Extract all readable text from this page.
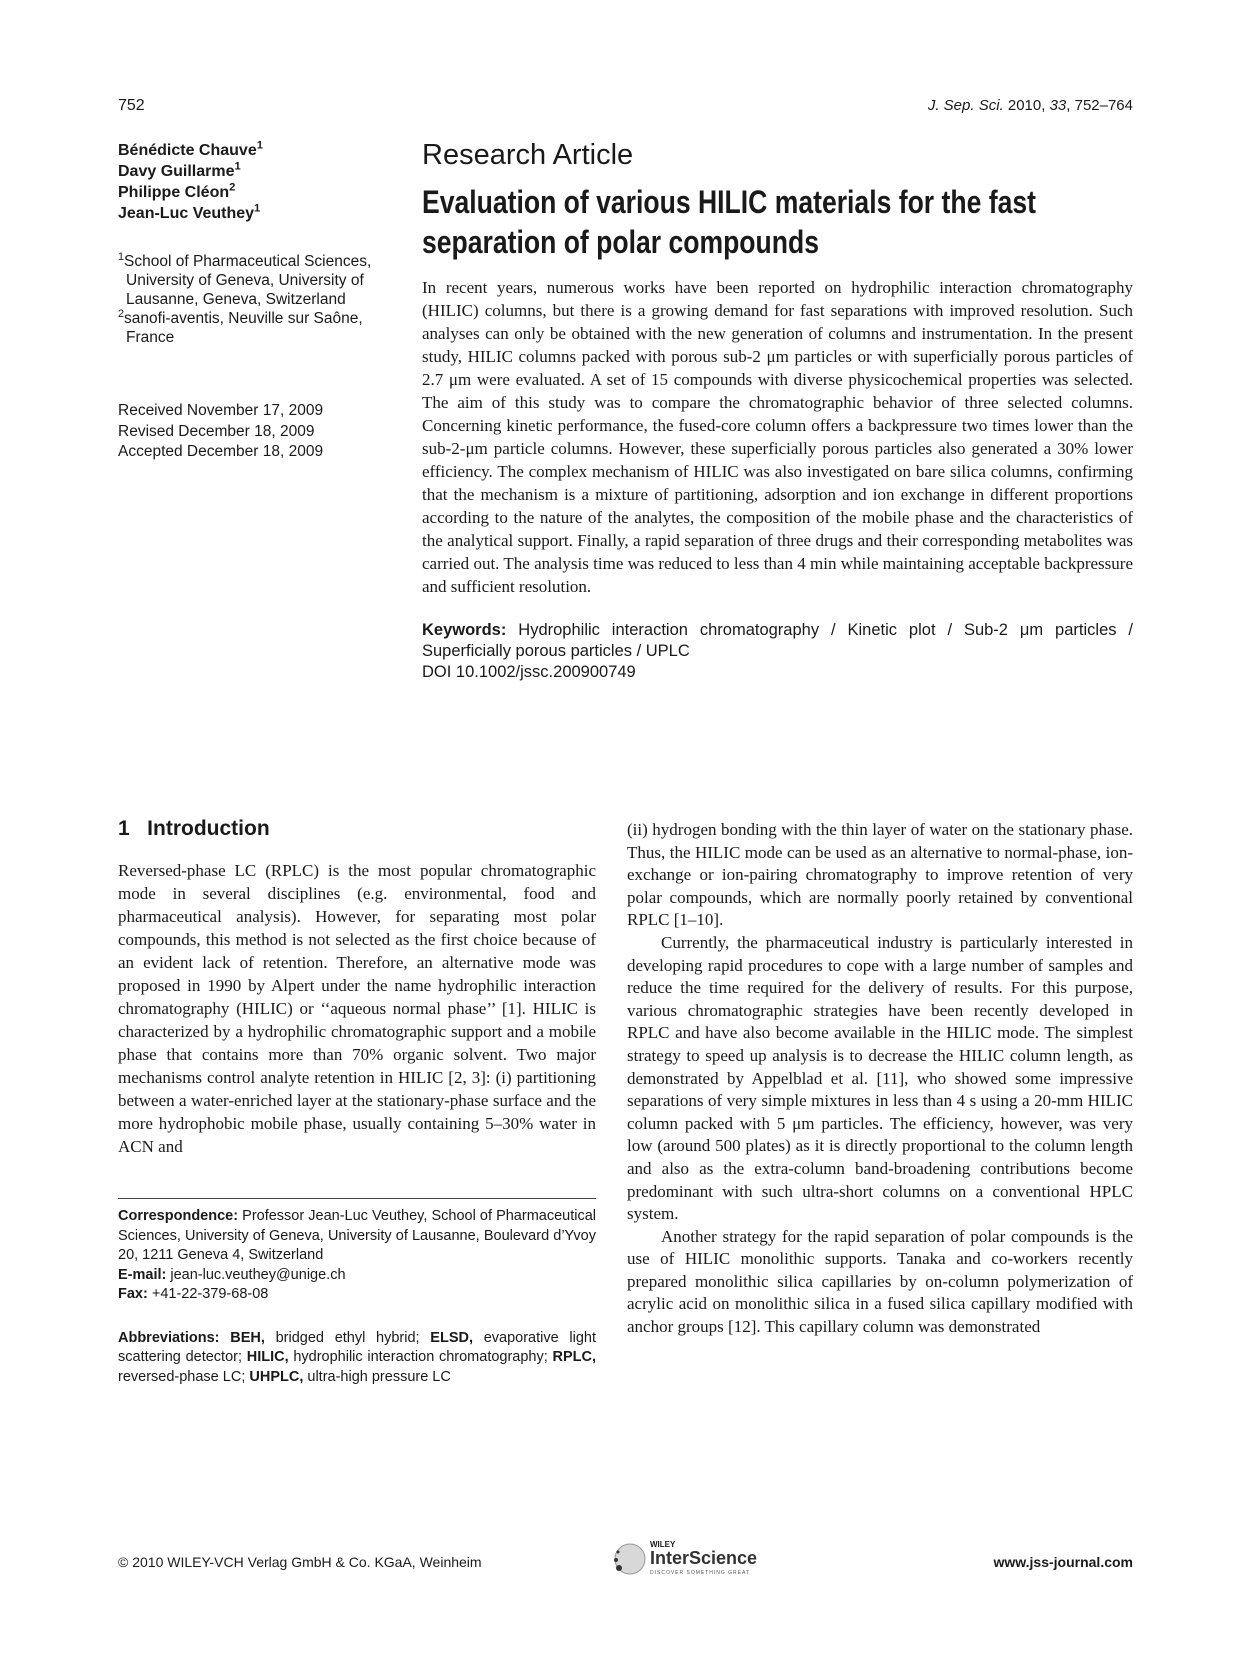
752	J. Sep. Sci. 2010, 33, 752–764
Bénédicte Chauve$^1$
Davy Guillarme$^1$
Philippe Cléon$^2$
Jean-Luc Veuthey$^1$
$^1$School of Pharmaceutical Sciences, University of Geneva, University of Lausanne, Geneva, Switzerland
$^2$sanofi-aventis, Neuville sur Saône, France
Received November 17, 2009
Revised December 18, 2009
Accepted December 18, 2009
Research Article
Evaluation of various HILIC materials for the fast separation of polar compounds
In recent years, numerous works have been reported on hydrophilic interaction chromatography (HILIC) columns, but there is a growing demand for fast separations with improved resolution. Such analyses can only be obtained with the new generation of columns and instrumentation. In the present study, HILIC columns packed with porous sub-2 μm particles or with superficially porous particles of 2.7 μm were evaluated. A set of 15 compounds with diverse physicochemical properties was selected. The aim of this study was to compare the chromatographic behavior of three selected columns. Concerning kinetic performance, the fused-core column offers a backpressure two times lower than the sub-2-μm particle columns. However, these superficially porous particles also generated a 30% lower efficiency. The complex mechanism of HILIC was also investigated on bare silica columns, confirming that the mechanism is a mixture of partitioning, adsorption and ion exchange in different proportions according to the nature of the analytes, the composition of the mobile phase and the characteristics of the analytical support. Finally, a rapid separation of three drugs and their corresponding metabolites was carried out. The analysis time was reduced to less than 4 min while maintaining acceptable backpressure and sufficient resolution.
Keywords: Hydrophilic interaction chromatography / Kinetic plot / Sub-2 μm particles / Superficially porous particles / UPLC
DOI 10.1002/jssc.200900749
1   Introduction
Reversed-phase LC (RPLC) is the most popular chromatographic mode in several disciplines (e.g. environmental, food and pharmaceutical analysis). However, for separating most polar compounds, this method is not selected as the first choice because of an evident lack of retention. Therefore, an alternative mode was proposed in 1990 by Alpert under the name hydrophilic interaction chromatography (HILIC) or ‘‘aqueous normal phase’’ [1]. HILIC is characterized by a hydrophilic chromatographic support and a mobile phase that contains more than 70% organic solvent. Two major mechanisms control analyte retention in HILIC [2, 3]: (i) partitioning between a water-enriched layer at the stationary-phase surface and the more hydrophobic mobile phase, usually containing 5–30% water in ACN and
Correspondence: Professor Jean-Luc Veuthey, School of Pharmaceutical Sciences, University of Geneva, University of Lausanne, Boulevard d’Yvoy 20, 1211 Geneva 4, Switzerland
E-mail: jean-luc.veuthey@unige.ch
Fax: +41-22-379-68-08
Abbreviations: BEH, bridged ethyl hybrid; ELSD, evaporative light scattering detector; HILIC, hydrophilic interaction chromatography; RPLC, reversed-phase LC; UHPLC, ultra-high pressure LC

(ii) hydrogen bonding with the thin layer of water on the stationary phase. Thus, the HILIC mode can be used as an alternative to normal-phase, ion-exchange or ion-pairing chromatography to improve retention of very polar compounds, which are normally poorly retained by conventional RPLC [1–10].

Currently, the pharmaceutical industry is particularly interested in developing rapid procedures to cope with a large number of samples and reduce the time required for the delivery of results. For this purpose, various chromatographic strategies have been recently developed in RPLC and have also become available in the HILIC mode. The simplest strategy to speed up analysis is to decrease the HILIC column length, as demonstrated by Appelblad et al. [11], who showed some impressive separations of very simple mixtures in less than 4 s using a 20-mm HILIC column packed with 5 μm particles. The efficiency, however, was very low (around 500 plates) as it is directly proportional to the column length and also as the extra-column band-broadening contributions become predominant with such ultra-short columns on a conventional HPLC system.

Another strategy for the rapid separation of polar compounds is the use of HILIC monolithic supports. Tanaka and co-workers recently prepared monolithic silica capillaries by on-column polymerization of acrylic acid on monolithic silica in a fused silica capillary modified with anchor groups [12]. This capillary column was demonstrated

© 2010 WILEY-VCH Verlag GmbH & Co. KGaA, Weinheim
WILEY
InterScience
DISCOVER SOMETHING GREAT
www.jss-journal.com
